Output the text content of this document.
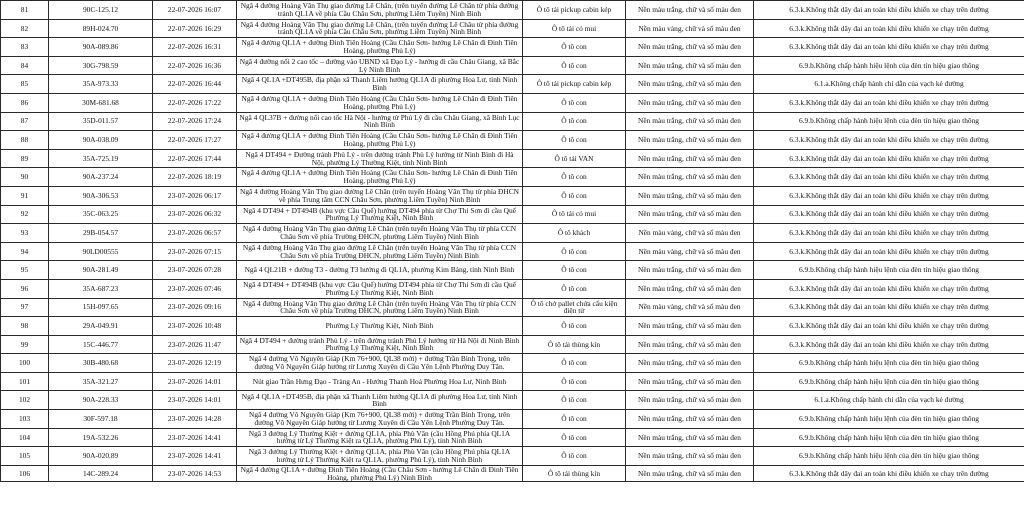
81	90C-125.12	22-07-2026 16:07	Ngã 4 đường Hoàng Văn Thụ giao đường Lê Chân, (trên tuyến đường Lê Chân từ phía đường tránh QL1A về phía Cầu Châu Sơn, phường Liêm Tuyền) Ninh Bình	Ô tô tải pickup cabin kép	Nền màu trắng, chữ và số màu đen	6.3.k.Không thắt dây đai an toàn khi điều khiển xe chạy trên đường
82	89H-024.70	22-07-2026 16:29	Ngã 4 đường Hoàng Văn Thụ giao đường Lê Chân, (trên tuyến đường Lê Châu từ phía đường tránh QL1A về phía Cầu Châu Sơn, phường Liêm Tuyền) Ninh Bình	Ô tô tải có mui	Nền màu vàng, chữ và số màu đen	6.3.k.Không thắt dây đai an toàn khi điều khiển xe chạy trên đường
83	90A-089.86	22-07-2026 16:31	Ngã 4 đường QL1A + đường Đinh Tiên Hoàng (Cầu Châu Sơn- hướng Lê Chân đi Đinh Tiên Hoàng, phường Phủ Lý)	Ô tô con	Nền màu trắng, chữ và số màu đen	6.3.k.Không thắt dây đai an toàn khi điều khiển xe chạy trên đường
84	30G-798.59	22-07-2026 16:36	Ngã 4 đường nối 2 cao tốc – đường vào UBND xã Đạo Lý - hướng đi cầu Châu Giang, xã Bắc Lý Ninh Bình	Ô tô con	Nền màu trắng, chữ và số màu đen	6.9.b.Không chấp hành hiệu lệnh của đèn tín hiệu giao thông
85	35A-973.33	22-07-2026 16:44	Ngã 4 QL1A +DT495B, địa phận xã Thanh Liêm hướng QL1A đi phường Hoa Lư, tỉnh Ninh Bình	Ô tô tải pickup cabin kép	Nền màu trắng, chữ và số màu đen	6.1.a.Không chấp hành chỉ dẫn của vạch kẻ đường
86	30M-681.68	22-07-2026 17:22	Ngã 4 đường QL1A + đường Đinh Tiên Hoàng (Cầu Châu Sơn- hướng Lê Chân đi Đinh Tiên Hoàng, phường Phủ Lý)	Ô tô con	Nền màu trắng, chữ và số màu đen	6.3.k.Không thắt dây đai an toàn khi điều khiển xe chạy trên đường
87	35D-011.57	22-07-2026 17:24	Ngã 4 QL37B + đường nối cao tốc Hà Nội - hướng từ Phủ Lý đi cầu Châu Giang, xã Bình Lục Ninh Bình	Ô tô con	Nền màu trắng, chữ và số màu đen	6.9.b.Không chấp hành hiệu lệnh của đèn tín hiệu giao thông
88	90A-038.09	22-07-2026 17:27	Ngã 4 đường QL1A + đường Đinh Tiên Hoàng (Cầu Châu Sơn- hướng Lê Chân đi Đinh Tiên Hoàng, phường Phủ Lý)	Ô tô con	Nền màu trắng, chữ và số màu đen	6.3.k.Không thắt dây đai an toàn khi điều khiển xe chạy trên đường
89	35A-725.19	22-07-2026 17:44	Ngã 4 DT494 + Đường tránh Phủ Lý - trên đường tránh Phủ Lý hướng từ Ninh Bình đi Hà Nội, phường Lý Thường Kiệt, tỉnh Ninh Bình	Ô tô tải VAN	Nền màu trắng, chữ và số màu đen	6.3.k.Không thắt dây đai an toàn khi điều khiển xe chạy trên đường
90	90A-237.24	22-07-2026 18:19	Ngã 4 đường QL1A + đường Đinh Tiên Hoàng (Cầu Châu Sơn- hướng Lê Chân đi Đinh Tiên Hoàng, phường Phủ Lý)	Ô tô con	Nền màu trắng, chữ và số màu đen	6.3.k.Không thắt dây đai an toàn khi điều khiển xe chạy trên đường
91	90A-306.53	23-07-2026 06:17	Ngã 4 đường Hoàng Văn Thụ giao đường Lê Chân (trên tuyến Hoàng Văn Thụ từ phía ĐHCN về phía Trung tâm CCN Châu Sơn, phường Liêm Tuyền) Ninh Bình	Ô tô con	Nền màu trắng, chữ và số màu đen	6.3.k.Không thắt dây đai an toàn khi điều khiển xe chạy trên đường
92	35C-063.25	23-07-2026 06:32	Ngã 4 DT494 + DT494B (khu vực Cầu Quế) hướng DT494 phía từ Chợ Thi Sơn đi cầu Quế Phường Lý Thường Kiệt, Ninh Bình	Ô tô tải có mui	Nền màu trắng, chữ và số màu đen	6.3.k.Không thắt dây đai an toàn khi điều khiển xe chạy trên đường
93	29B-054.57	23-07-2026 06:57	Ngã 4 đường Hoàng Văn Thụ giao đường Lê Chân (trên tuyến Hoàng Văn Thụ từ phía CCN Châu Sơn về phía Trường ĐHCN, phường Liêm Tuyền) Ninh Bình	Ô tô khách	Nền màu vàng, chữ và số màu đen	6.3.k.Không thắt dây đai an toàn khi điều khiển xe chạy trên đường
94	90LD00555	23-07-2026 07:15	Ngã 4 đường Hoàng Văn Thụ giao đường Lê Chân (trên tuyến Hoàng Văn Thụ từ phía CCN Châu Sơn về phía Trường ĐHCN, phường Liêm Tuyền) Ninh Bình	Ô tô con	Nền màu vàng, chữ và số màu đen	6.3.k.Không thắt dây đai an toàn khi điều khiển xe chạy trên đường
95	90A-281.49	23-07-2026 07:28	Ngã 4 QL21B + đường T3 - đường T3 hướng đi QL1A, phường Kim Bảng, tỉnh Ninh Bình	Ô tô con	Nền màu trắng, chữ và số màu đen	6.9.b.Không chấp hành hiệu lệnh của đèn tín hiệu giao thông
96	35A-687.23	23-07-2026 07:46	Ngã 4 DT494 + DT494B (khu vực Cầu Quế) hướng DT494 phía từ Chợ Thi Sơn đi cầu Quế Phường Lý Thường Kiệt, Ninh Bình	Ô tô con	Nền màu trắng, chữ và số màu đen	6.3.k.Không thắt dây đai an toàn khi điều khiển xe chạy trên đường
97	15H-097.65	23-07-2026 09:16	Ngã 4 đường Hoàng Văn Thụ giao đường Lê Chân (trên tuyến Hoàng Văn Thụ từ phía CCN Châu Sơn về phía Trường ĐHCN, phường Liêm Tuyền) Ninh Bình	Ô tô chở pallet chứa cấu kiện điện tử	Nền màu vàng, chữ và số màu đen	6.3.k.Không thắt dây đai an toàn khi điều khiển xe chạy trên đường
98	29A-049.91	23-07-2026 10:48	Phường Lý Thường Kiệt, Ninh Bình	Ô tô con	Nền màu trắng, chữ và số màu đen	6.3.k.Không thắt dây đai an toàn khi điều khiển xe chạy trên đường
99	15C-446.77	23-07-2026 11:47	Ngã 4 DT494 + đường tránh Phủ Lý - trên đường tránh Phủ Lý hướng từ Hà Nội đi Ninh Bình Phường Lý Thường Kiệt, Ninh Bình	Ô tô tải thùng kín	Nền màu trắng, chữ và số màu đen	6.3.k.Không thắt dây đai an toàn khi điều khiển xe chạy trên đường
100	30B-480.68	23-07-2026 12:19	Ngã 4 đường Võ Nguyên Giáp (Km 76+900, QL38 mới) + đường Trần Bình Trọng, trên đường Võ Nguyên Giáp hướng từ Lương Xuyên đi Cầu Yên Lệnh Phường Duy Tân.	Ô tô con	Nền màu trắng, chữ và số màu đen	6.9.b.Không chấp hành hiệu lệnh của đèn tín hiệu giao thông
101	35A-321.27	23-07-2026 14:01	Nút giao Trần Hưng Đạo - Tràng An - Hướng Thanh Hoá Phường Hoa Lư, Ninh Bình	Ô tô con	Nền màu trắng, chữ và số màu đen	6.9.b.Không chấp hành hiệu lệnh của đèn tín hiệu giao thông
102	90A-228.33	23-07-2026 14:01	Ngã 4 QL1A +DT495B, địa phận xã Thanh Liêm hướng QL1A đi phường Hoa Lư, tỉnh Ninh Bình	Ô tô con	Nền màu trắng, chữ và số màu đen	6.1.a.Không chấp hành chỉ dẫn của vạch kẻ đường
103	30F-597.18	23-07-2026 14:28	Ngã 4 đường Võ Nguyên Giáp (Km 76+900, QL38 mới) + đường Trần Bình Trọng, trên đường Võ Nguyên Giáp hướng từ Lương Xuyên đi Cầu Yên Lệnh Phường Duy Tân.	Ô tô con	Nền màu trắng, chữ và số màu đen	6.9.b.Không chấp hành hiệu lệnh của đèn tín hiệu giao thông
104	19A-532.26	23-07-2026 14:41	Ngã 3 đường Lý Thường Kiệt + đường QL1A, phía Phù Vân (cầu Hồng Phú phía QL1A hướng từ Lý Thường Kiệt ra QL1A, phường Phủ Lý), tỉnh Ninh Bình	Ô tô con	Nền màu trắng, chữ và số màu đen	6.9.b.Không chấp hành hiệu lệnh của đèn tín hiệu giao thông
105	90A-020.89	23-07-2026 14:41	Ngã 3 đường Lý Thường Kiệt + đường QL1A, phía Phù Vân (cầu Hồng Phú phía QL1A hướng từ Lý Thường Kiệt ra QL1A, phường Phủ Lý), tỉnh Ninh Bình	Ô tô con	Nền màu trắng, chữ và số màu đen	6.9.b.Không chấp hành hiệu lệnh của đèn tín hiệu giao thông
106	14C-289.24	23-07-2026 14:53	Ngã 4 đường QL1A + đường Đinh Tiên Hoàng (Cầu Châu Sơn - hướng Lê Chân đi Đinh Tiên Hoàng, phường Phủ Lý) Ninh Bình	Ô tô tải thùng kín	Nền màu trắng, chữ và số màu đen	6.3.k.Không thắt dây đai an toàn khi điều khiển xe chạy trên đường
